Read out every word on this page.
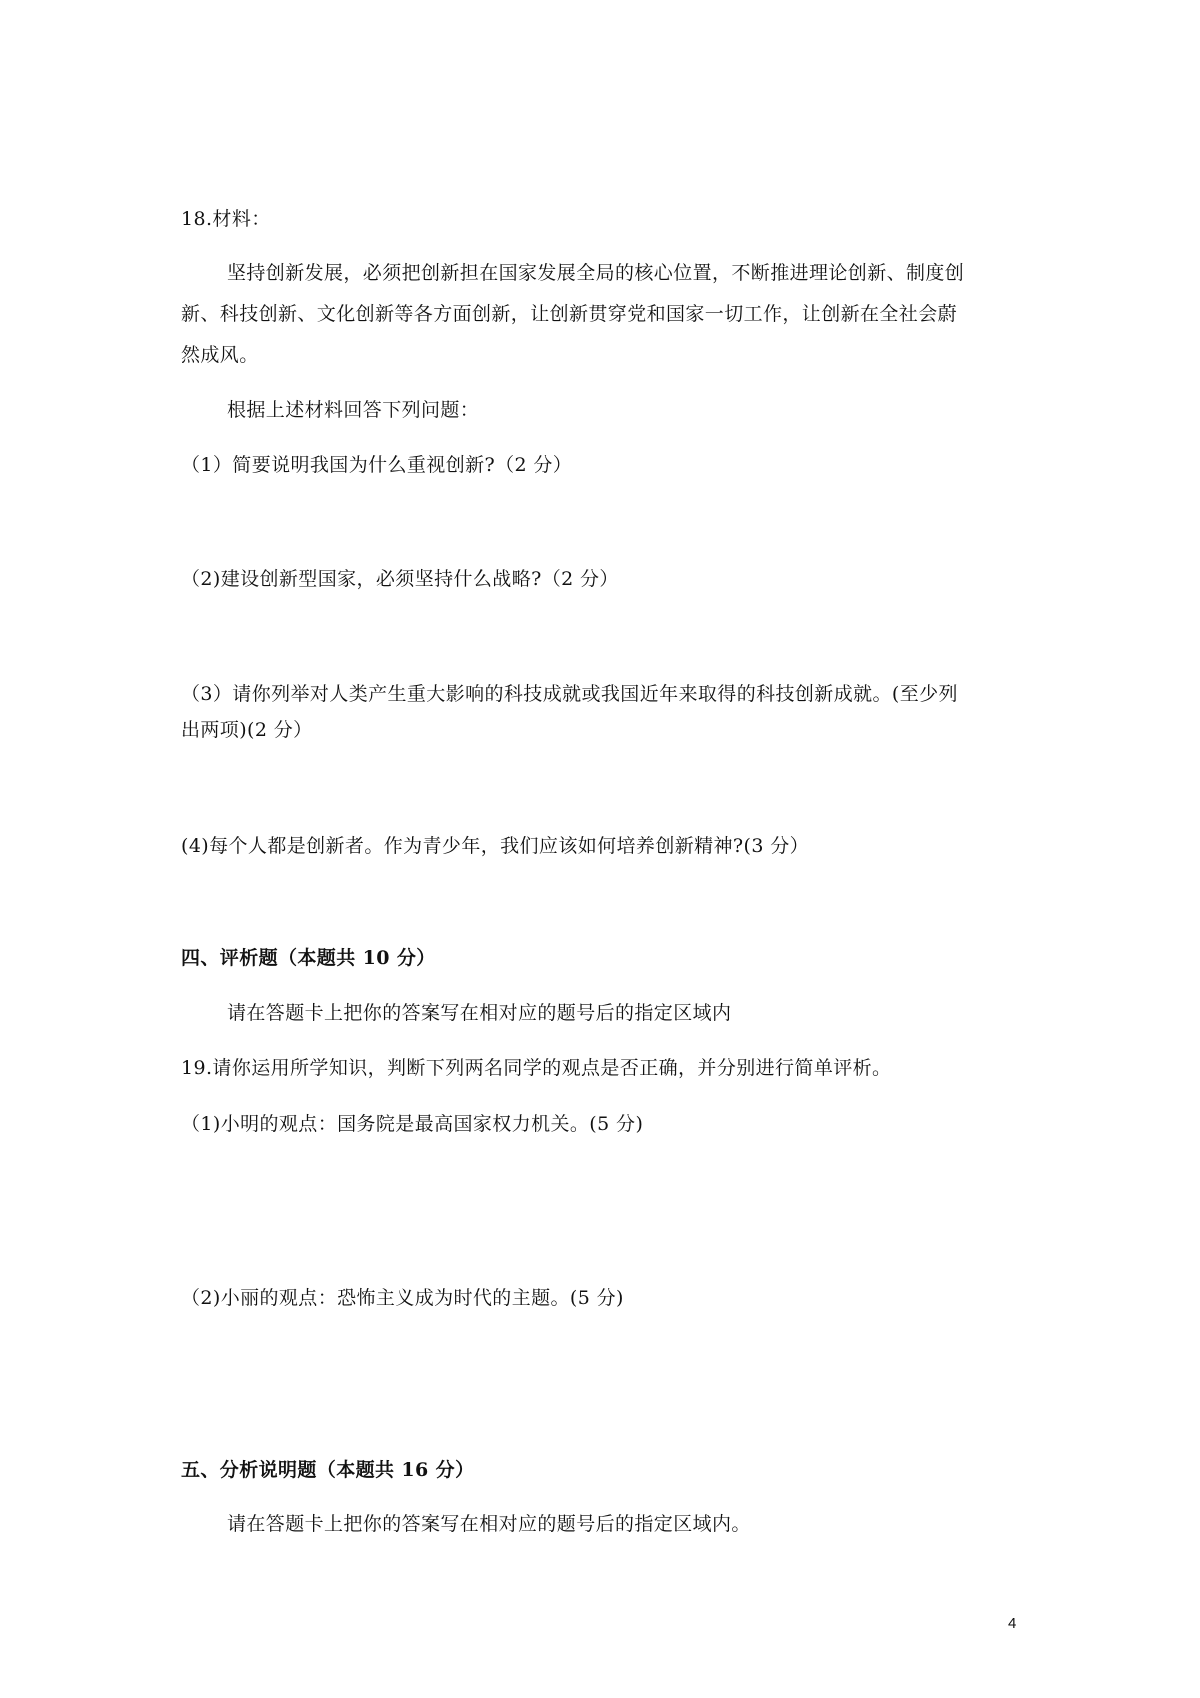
18.材料：
坚持创新发展，必须把创新担在国家发展全局的核心位置，不断推进理论创新、制度创
新、科技创新、文化创新等各方面创新，让创新贯穿党和国家一切工作，让创新在全社会蔚
然成风。
根据上述材料回答下列问题：
（1）简要说明我国为什么重视创新?（2 分）
（2)建设创新型国家，必须坚持什么战略?（2 分）
（3）请你列举对人类产生重大影响的科技成就或我国近年来取得的科技创新成就。(至少列
出两项)(2 分）
(4)每个人都是创新者。作为青少年，我们应该如何培养创新精神?(3 分）
四、评析题（本题共 10 分）
请在答题卡上把你的答案写在相对应的题号后的指定区域内
19.请你运用所学知识，判断下列两名同学的观点是否正确，并分别进行简单评析。
（1)小明的观点：国务院是最高国家权力机关。(5 分)
（2)小丽的观点：恐怖主义成为时代的主题。(5 分)
五、分析说明题（本题共 16 分）
请在答题卡上把你的答案写在相对应的题号后的指定区域内。
4
